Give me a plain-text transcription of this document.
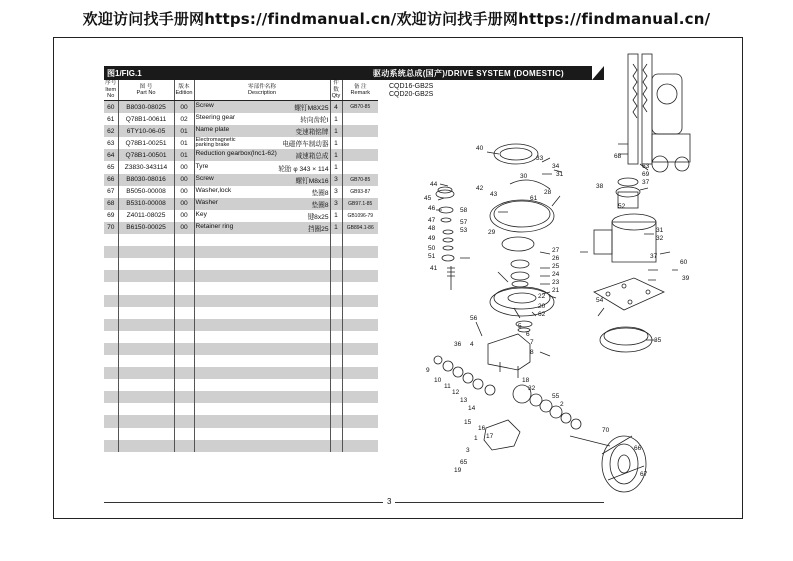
欢迎访问找手册网https://findmanual.cn/欢迎访问找手册网https://findmanual.cn/
图1/FIG.1	驱动系统总成(国产)/DRIVE SYSTEM (DOMESTIC)
CQD16-GB2S
CQD20-GB2S
序号
Item
No	图 号
Part No	版本
Edition	零部件名称
Description	件数
Qty	备 注
Remark
60	B8030-08025	00	Screw 螺钉M8X25	4	GB70-85
61	Q78B1-00611	02	Steering gear 转向齿轮I	1	
62	6TY10-06-05	01	Name plate 变速箱铭牌	1	
63	Q78B1-00251	01	Electromagnetic
parking brake 电磁停车制动器	1	
64	Q78B1-00501	01	Reduction gearbox(lnc1-62) 减速箱总成	1	
65	Z3830-343114	00	Tyre 轮胎 φ 343 × 114	1	
66	B8030-08016	00	Screw 螺钉M8x16	3	GB70-85
67	B5050-00008	00	Washer,lock 垫圈8	3	GB93-87
68	B5310-00008	00	Washer 垫圈8	3	GB97.1-85
69	Z4011-08025	00	Key 键8x25	1	GB1096-79
70	B6150-00025	00	Retainer ring 挡圈25	1	GB894.1-86

3
40
33
34
30	31
44
45
46
47
48
49
50
51
41
42
43
61
58
57
53	29
28
27
26
25
24
23
21
22
20
62
56
36 4
5
6
7
8
9
10
11
12
13
14
15
16
17
18
32
55
2
1
3
65
19
70
66
67
68
63
69
37
38
52
31
32
37
60
39
54
35
